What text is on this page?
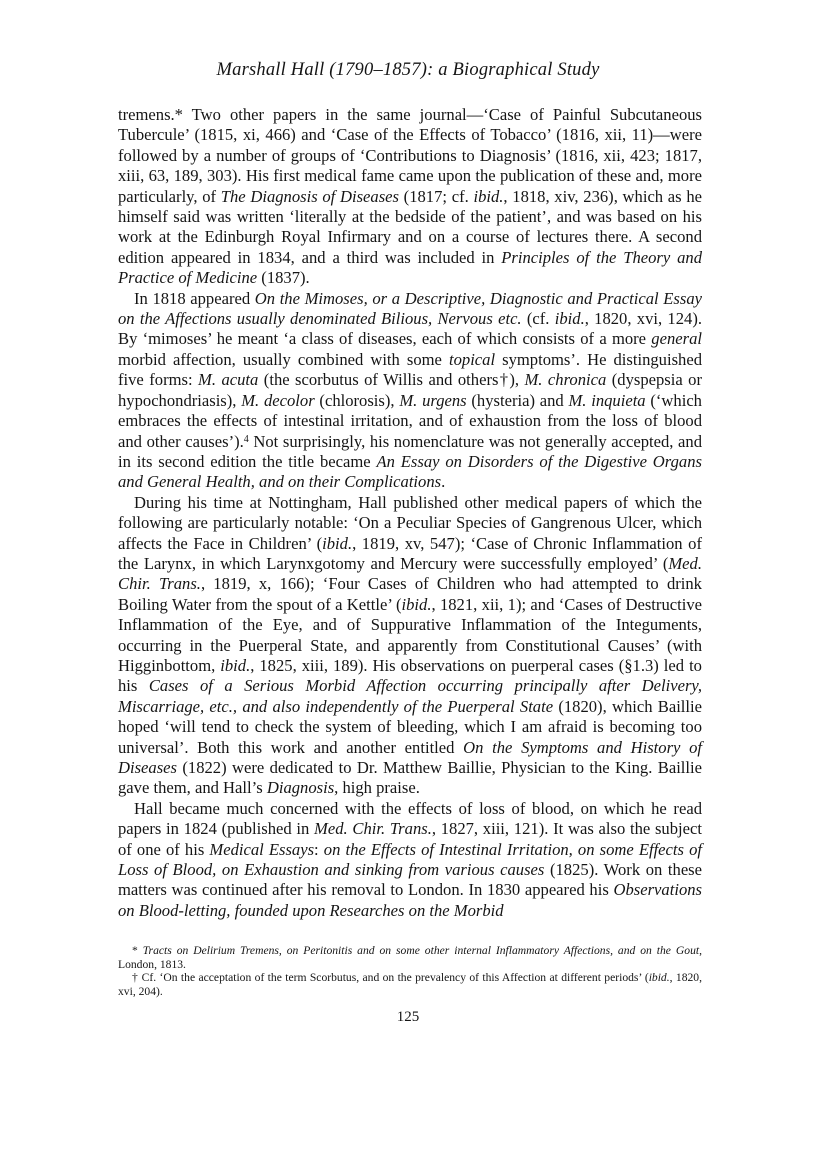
Marshall Hall (1790–1857): a Biographical Study

tremens.* Two other papers in the same journal—‘Case of Painful Subcutaneous Tubercule’ (1815, xi, 466) and ‘Case of the Effects of Tobacco’ (1816, xii, 11)—were followed by a number of groups of ‘Contributions to Diagnosis’ (1816, xii, 423; 1817, xiii, 63, 189, 303). His first medical fame came upon the publication of these and, more particularly, of The Diagnosis of Diseases (1817; cf. ibid., 1818, xiv, 236), which as he himself said was written ‘literally at the bedside of the patient’, and was based on his work at the Edinburgh Royal Infirmary and on a course of lectures there. A second edition appeared in 1834, and a third was included in Principles of the Theory and Practice of Medicine (1837).

In 1818 appeared On the Mimoses, or a Descriptive, Diagnostic and Practical Essay on the Affections usually denominated Bilious, Nervous etc. (cf. ibid., 1820, xvi, 124). By ‘mimoses’ he meant ‘a class of diseases, each of which consists of a more general morbid affection, usually combined with some topical symptoms’. He distinguished five forms: M. acuta (the scorbutus of Willis and others†), M. chronica (dyspepsia or hypochondriasis), M. decolor (chlorosis), M. urgens (hysteria) and M. inquieta (‘which embraces the effects of intestinal irritation, and of exhaustion from the loss of blood and other causes’).$^4$ Not surprisingly, his nomenclature was not generally accepted, and in its second edition the title became An Essay on Disorders of the Digestive Organs and General Health, and on their Complications.

During his time at Nottingham, Hall published other medical papers of which the following are particularly notable: ‘On a Peculiar Species of Gangrenous Ulcer, which affects the Face in Children’ (ibid., 1819, xv, 547); ‘Case of Chronic Inflammation of the Larynx, in which Larynxgotomy and Mercury were successfully employed’ (Med. Chir. Trans., 1819, x, 166); ‘Four Cases of Children who had attempted to drink Boiling Water from the spout of a Kettle’ (ibid., 1821, xii, 1); and ‘Cases of Destructive Inflammation of the Eye, and of Suppurative Inflammation of the Integuments, occurring in the Puerperal State, and apparently from Constitutional Causes’ (with Higginbottom, ibid., 1825, xiii, 189). His observations on puerperal cases (§1.3) led to his Cases of a Serious Morbid Affection occurring principally after Delivery, Miscarriage, etc., and also independently of the Puerperal State (1820), which Baillie hoped ‘will tend to check the system of bleeding, which I am afraid is becoming too universal’. Both this work and another entitled On the Symptoms and History of Diseases (1822) were dedicated to Dr. Matthew Baillie, Physician to the King. Baillie gave them, and Hall’s Diagnosis, high praise.

Hall became much concerned with the effects of loss of blood, on which he read papers in 1824 (published in Med. Chir. Trans., 1827, xiii, 121). It was also the subject of one of his Medical Essays: on the Effects of Intestinal Irritation, on some Effects of Loss of Blood, on Exhaustion and sinking from various causes (1825). Work on these matters was continued after his removal to London. In 1830 appeared his Observations on Blood-letting, founded upon Researches on the Morbid

* Tracts on Delirium Tremens, on Peritonitis and on some other internal Inflammatory Affections, and on the Gout, London, 1813.

† Cf. ‘On the acceptation of the term Scorbutus, and on the prevalency of this Affection at different periods’ (ibid., 1820, xvi, 204).

125
